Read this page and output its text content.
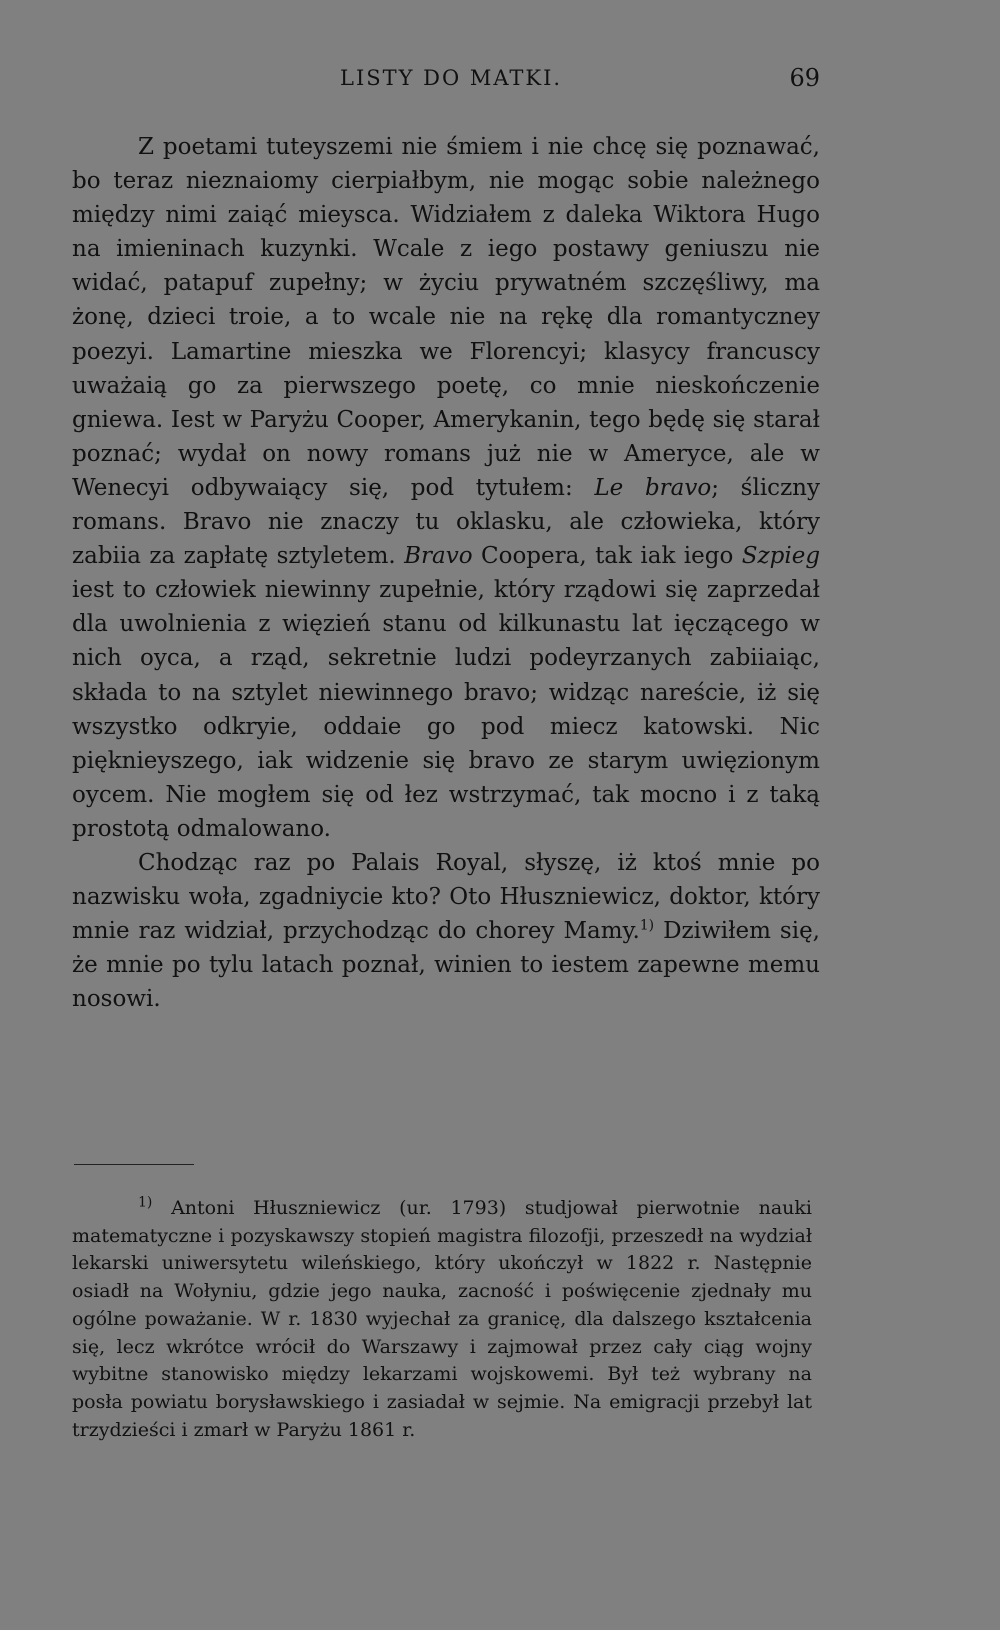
LISTY DO MATKI.	69

Z poetami tuteyszemi nie śmiem i nie chcę się poznawać, bo teraz nieznaiomy cierpiałbym, nie mogąc sobie należnego między nimi zaiąć mieysca. Widziałem z daleka Wiktora Hugo na imieninach kuzynki. Wcale z iego postawy geniuszu nie widać, patapuf zupełny; w życiu prywatném szczęśliwy, ma żonę, dzieci troie, a to wcale nie na rękę dla romantyczney poezyi. Lamartine mieszka we Florencyi; klasycy francuscy uważaią go za pierwszego poetę, co mnie nieskończenie gniewa. Iest w Paryżu Cooper, Amerykanin, tego będę się starał poznać; wydał on nowy romans już nie w Ameryce, ale w Wenecyi odbywaiący się, pod tytułem: Le bravo; śliczny romans. Bravo nie znaczy tu oklasku, ale człowieka, który zabiia za zapłatę sztyletem. Bravo Coopera, tak iak iego Szpieg iest to człowiek niewinny zupełnie, który rządowi się zaprzedał dla uwolnienia z więzień stanu od kilkunastu lat ięczącego w nich oyca, a rząd, sekretnie ludzi podeyrzanych zabiiaiąc, składa to na sztylet niewinnego bravo; widząc nareście, iż się wszystko odkryie, oddaie go pod miecz katowski. Nic pięknieyszego, iak widzenie się bravo ze starym uwięzionym oycem. Nie mogłem się od łez wstrzymać, tak mocno i z taką prostotą odmalowano.

Chodząc raz po Palais Royal, słyszę, iż ktoś mnie po nazwisku woła, zgadniycie kto? Oto Hłuszniewicz, doktor, który mnie raz widział, przychodząc do chorey Mamy.$^{1)}$ Dziwiłem się, że mnie po tylu latach poznał, winien to iestem zapewne memu nosowi.

$^{1)}$ Antoni Hłuszniewicz (ur. 1793) studjował pierwotnie nauki matematyczne i pozyskawszy stopień magistra filozofji, przeszedł na wydział lekarski uniwersytetu wileńskiego, który ukończył w 1822 r. Następnie osiadł na Wołyniu, gdzie jego nauka, zacność i poświęcenie zjednały mu ogólne poważanie. W r. 1830 wyjechał za granicę, dla dalszego kształcenia się, lecz wkrótce wrócił do Warszawy i zajmował przez cały ciąg wojny wybitne stanowisko między lekarzami wojskowemi. Był też wybrany na posła powiatu borysławskiego i zasiadał w sejmie. Na emigracji przebył lat trzydzieści i zmarł w Paryżu 1861 r.
